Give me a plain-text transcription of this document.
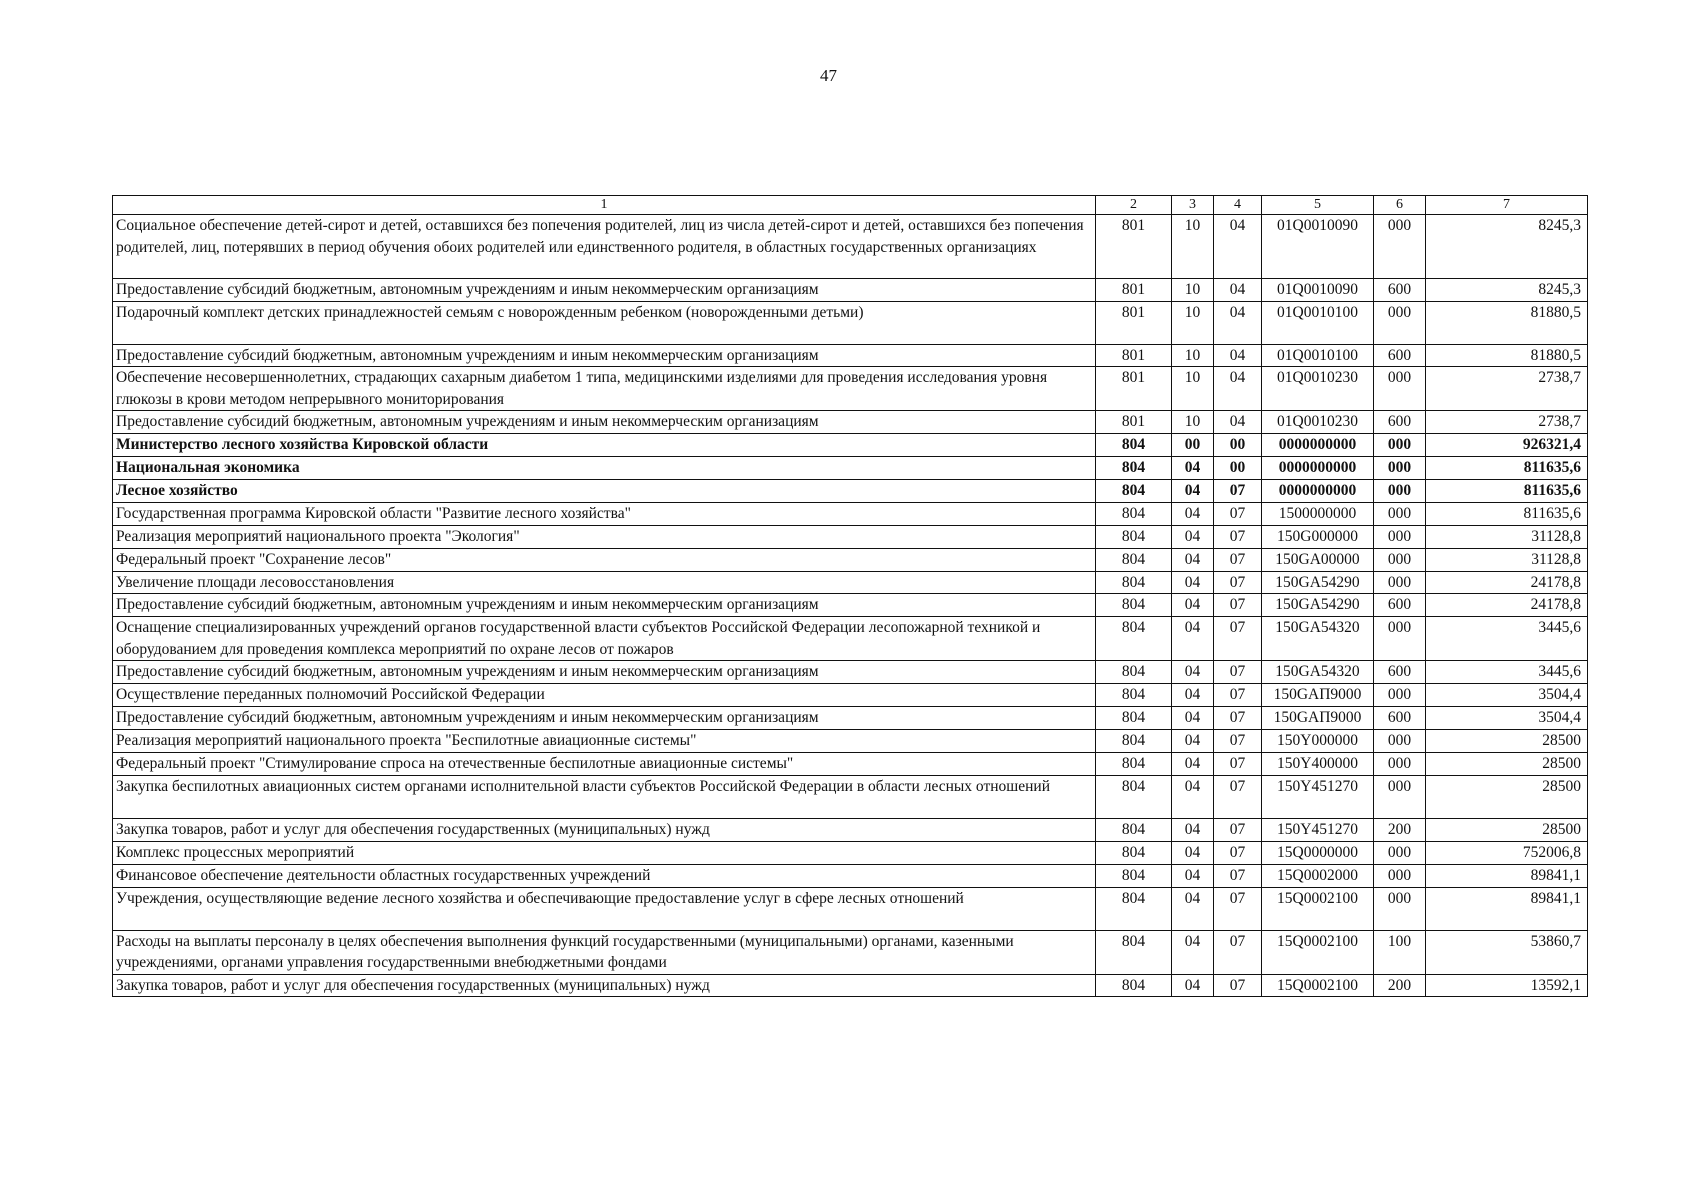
47
1	2	3	4	5	6	7
Социальное обеспечение детей-сирот и детей, оставшихся без попечения родителей, лиц из числа детей-сирот и детей, оставшихся без попечения родителей, лиц, потерявших в период обучения обоих родителей или единственного родителя, в областных государственных организациях	801	10	04	01Q0010090	000	8245,3
Предоставление субсидий бюджетным, автономным учреждениям и иным некоммерческим организациям	801	10	04	01Q0010090	600	8245,3
Подарочный комплект детских принадлежностей семьям с новорожденным ребенком (новорожденными детьми)	801	10	04	01Q0010100	000	81880,5
Предоставление субсидий бюджетным, автономным учреждениям и иным некоммерческим организациям	801	10	04	01Q0010100	600	81880,5
Обеспечение несовершеннолетних, страдающих сахарным диабетом 1 типа, медицинскими изделиями для проведения исследования уровня глюкозы в крови методом непрерывного мониторирования	801	10	04	01Q0010230	000	2738,7
Предоставление субсидий бюджетным, автономным учреждениям и иным некоммерческим организациям	801	10	04	01Q0010230	600	2738,7
Министерство лесного хозяйства Кировской области	804	00	00	0000000000	000	926321,4
Национальная экономика	804	04	00	0000000000	000	811635,6
Лесное хозяйство	804	04	07	0000000000	000	811635,6
Государственная программа Кировской области "Развитие лесного хозяйства"	804	04	07	1500000000	000	811635,6
Реализация мероприятий национального проекта "Экология"	804	04	07	150G000000	000	31128,8
Федеральный проект "Сохранение лесов"	804	04	07	150GA00000	000	31128,8
Увеличение площади лесовосстановления	804	04	07	150GA54290	000	24178,8
Предоставление субсидий бюджетным, автономным учреждениям и иным некоммерческим организациям	804	04	07	150GA54290	600	24178,8
Оснащение специализированных учреждений органов государственной власти субъектов Российской Федерации лесопожарной техникой и оборудованием для проведения комплекса мероприятий по охране лесов от пожаров	804	04	07	150GA54320	000	3445,6
Предоставление субсидий бюджетным, автономным учреждениям и иным некоммерческим организациям	804	04	07	150GA54320	600	3445,6
Осуществление переданных полномочий Российской Федерации	804	04	07	150GAП9000	000	3504,4
Предоставление субсидий бюджетным, автономным учреждениям и иным некоммерческим организациям	804	04	07	150GAП9000	600	3504,4
Реализация мероприятий национального проекта "Беспилотные авиационные системы"	804	04	07	150Y000000	000	28500
Федеральный проект "Стимулирование спроса на отечественные беспилотные авиационные системы"	804	04	07	150Y400000	000	28500
Закупка беспилотных авиационных систем органами исполнительной власти субъектов Российской Федерации в области лесных отношений	804	04	07	150Y451270	000	28500
Закупка товаров, работ и услуг для обеспечения государственных (муниципальных) нужд	804	04	07	150Y451270	200	28500
Комплекс процессных мероприятий	804	04	07	15Q0000000	000	752006,8
Финансовое обеспечение деятельности областных государственных учреждений	804	04	07	15Q0002000	000	89841,1
Учреждения, осуществляющие ведение лесного хозяйства и обеспечивающие предоставление услуг в сфере лесных отношений	804	04	07	15Q0002100	000	89841,1
Расходы на выплаты персоналу в целях обеспечения выполнения функций государственными (муниципальными) органами, казенными учреждениями, органами управления государственными внебюджетными фондами	804	04	07	15Q0002100	100	53860,7
Закупка товаров, работ и услуг для обеспечения государственных (муниципальных) нужд	804	04	07	15Q0002100	200	13592,1
